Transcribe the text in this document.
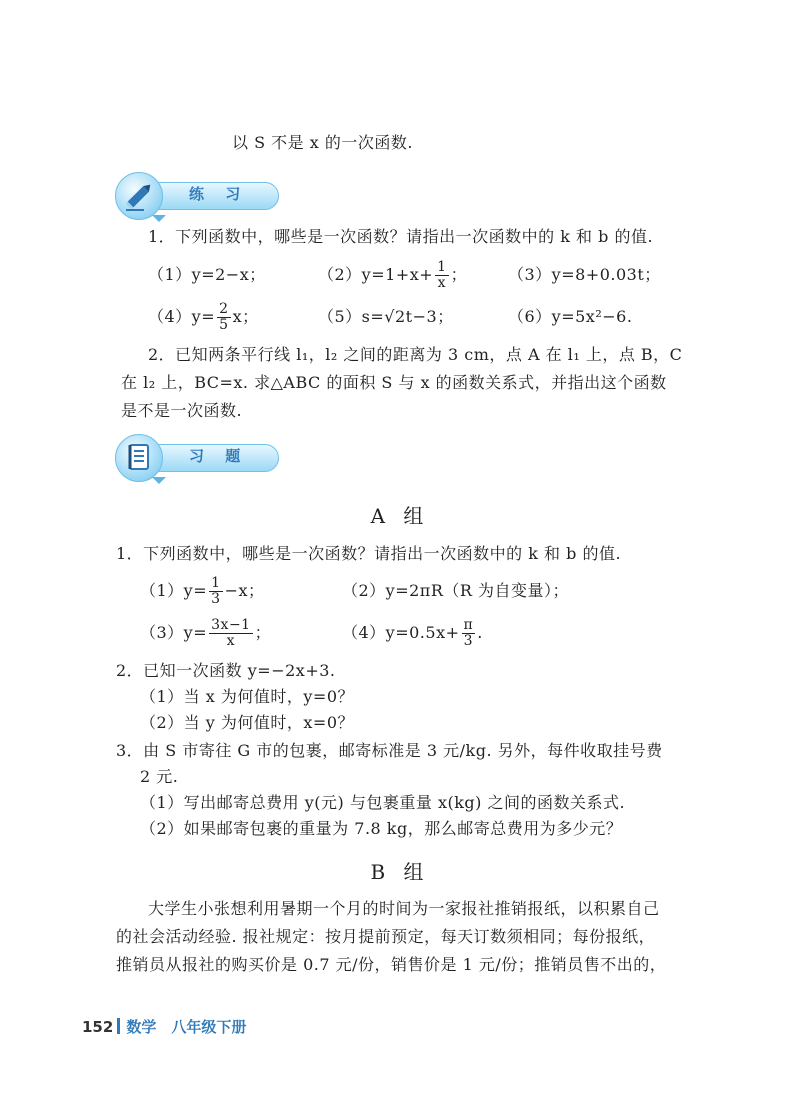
以 S 不是 x 的一次函数.
练 习
1．下列函数中，哪些是一次函数？请指出一次函数中的 k 和 b 的值.
（1）y=2−x；	$(2)y=1+x+ \frac{1}{x}$ ；	（3）y=8+0.03t；
$(4)y= \frac{2}{5}$ x；	（5）s=√2t−3；	（6）y=5x²−6.
2．已知两条平行线 l₁，l₂ 之间的距离为 3 cm，点 A 在 l₁ 上，点 B，C
在 l₂ 上，BC=x. 求△ABC 的面积 S 与 x 的函数关系式，并指出这个函数
是不是一次函数.
习 题
A 组
1．下列函数中，哪些是一次函数？请指出一次函数中的 k 和 b 的值.
$(1)y= \frac{1}{3} -x$；	（2）y=2πR（R 为自变量）；
$(3)y= \frac{3x-1}{x}$ ；	$(4)y=0.5x+ \frac{\pi}{3}$ .
2．已知一次函数 y=−2x+3.
（1）当 x 为何值时，y=0？
（2）当 y 为何值时，x=0？
3．由 S 市寄往 G 市的包裹，邮寄标准是 3 元/kg. 另外，每件收取挂号费
2 元.
（1）写出邮寄总费用 y(元) 与包裹重量 x(kg) 之间的函数关系式.
（2）如果邮寄包裹的重量为 7.8 kg，那么邮寄总费用为多少元？
B 组
大学生小张想利用暑期一个月的时间为一家报社推销报纸，以积累自己
的社会活动经验. 报社规定：按月提前预定，每天订数须相同；每份报纸，
推销员从报社的购买价是 0.7 元/份，销售价是 1 元/份；推销员售不出的，
152 数学　八年级下册
